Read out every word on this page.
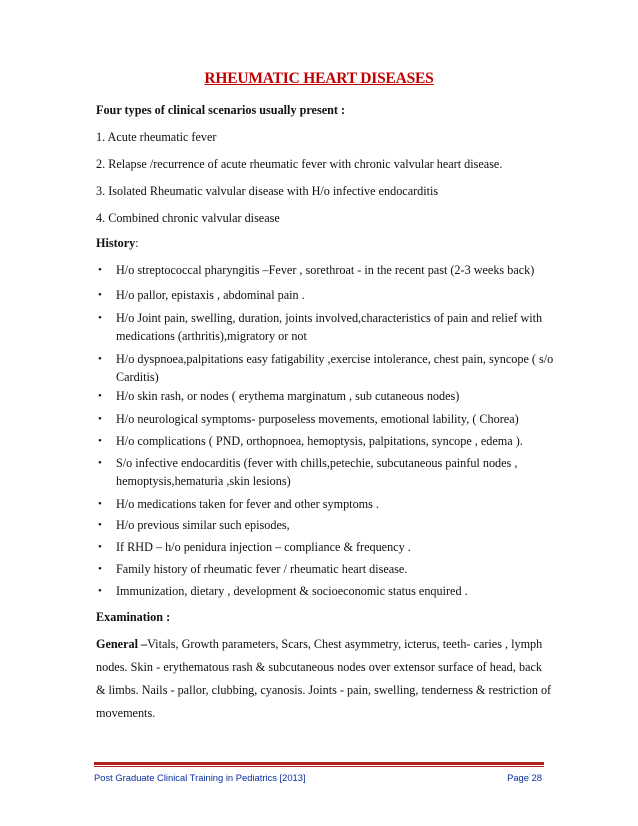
RHEUMATIC HEART DISEASES
Four types of clinical scenarios usually present :
1. Acute rheumatic fever
2. Relapse /recurrence of acute rheumatic fever with chronic valvular heart disease.
3. Isolated Rheumatic valvular disease with H/o infective endocarditis
4. Combined chronic valvular disease
History:
• H/o streptococcal pharyngitis –Fever , sorethroat - in the recent past (2-3 weeks back)
• H/o pallor, epistaxis , abdominal pain .
• H/o Joint pain, swelling, duration, joints involved,characteristics of pain and relief with
medications (arthritis),migratory or not
• H/o dyspnoea,palpitations easy fatigability ,exercise intolerance, chest pain, syncope ( s/o
Carditis)
• H/o skin rash, or nodes ( erythema marginatum , sub cutaneous nodes)
• H/o neurological symptoms- purposeless movements, emotional lability, ( Chorea)
• H/o complications ( PND, orthopnoea, hemoptysis, palpitations, syncope , edema ).
• S/o infective endocarditis (fever with chills,petechie, subcutaneous painful nodes ,
hemoptysis,hematuria ,skin lesions)
• H/o medications taken for fever and other symptoms .
• H/o previous similar such episodes,
• If RHD – h/o penidura injection – compliance & frequency .
• Family history of rheumatic fever / rheumatic heart disease.
• Immunization, dietary , development & socioeconomic status enquired .
Examination :
General –Vitals, Growth parameters, Scars, Chest asymmetry, icterus, teeth- caries , lymph
nodes. Skin - erythematous rash & subcutaneous nodes over extensor surface of head, back
& limbs. Nails - pallor, clubbing, cyanosis. Joints - pain, swelling, tenderness & restriction of
movements.
Post Graduate Clinical Training in Pediatrics [2013]	Page 28
